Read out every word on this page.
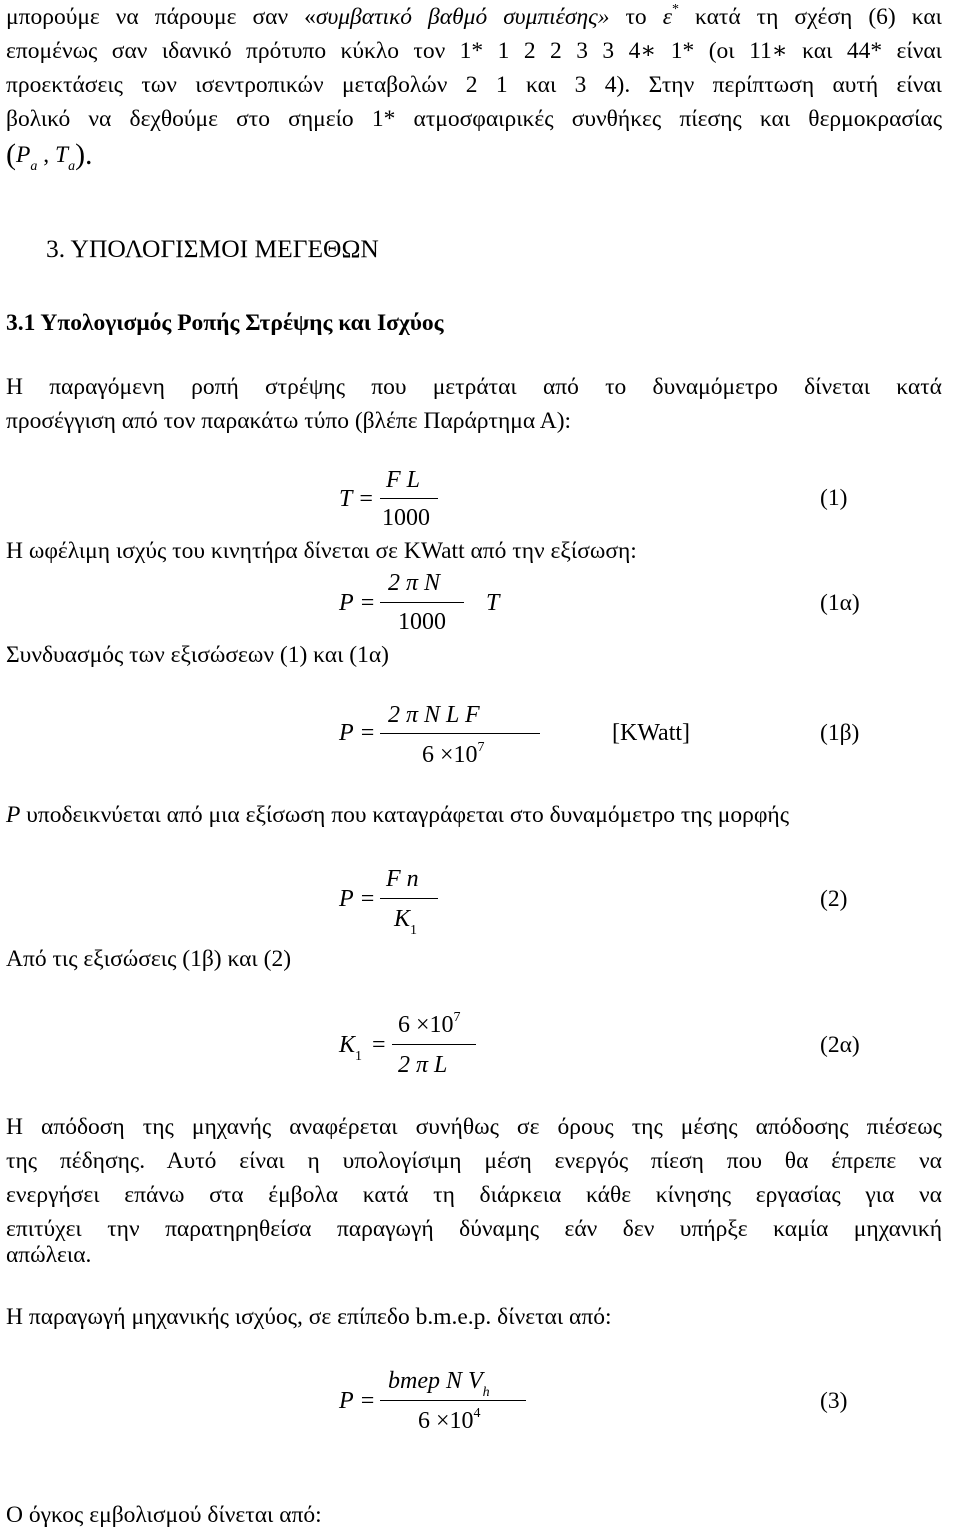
μπορούμε να πάρουμε σαν «συμβατικό βαθμό συμπιέσης» το ε* κατά τη σχέση (6) και
επομένως σαν ιδανικό πρότυπο κύκλο τον 1* 1 2 2 3 3 4∗ 1* (οι 11∗ και 44* είναι
προεκτάσεις των ισεντροπικών μεταβολών 2 1 και 3 4). Στην περίπτωση αυτή είναι
βολικό να δεχθούμε στο σημείο 1* ατμοσφαιρικές συνθήκες πίεσης και θερμοκρασίας
($P_a$ , $T_a$).
3. ΥΠΟΛΟΓΙΣΜΟΙ ΜΕΓΕΘΩΝ
3.1 Υπολογισμός Ροπής Στρέψης και Ισχύος
Η παραγόμενη ροπή στρέψης που μετράται από το δυναμόμετρο δίνεται κατά
προσέγγιση από τον παρακάτω τύπο (βλέπε Παράρτημα Α):
T =
F L
1000
(1)
Η ωφέλιμη ισχύς του κινητήρα δίνεται σε KWatt από την εξίσωση:
P =
2 π N
1000
T	(1α)
Συνδυασμός των εξισώσεων (1) και (1α)
P =
2 π N L F
$6 \times 10^7$
[KWatt]	(1β)
P υποδεικνύεται από μια εξίσωση που καταγράφεται στο δυναμόμετρο της μορφής
P =
F n
$K_1$
(2)
Από τις εξισώσεις (1β) και (2)
$K_1$ =
$6 \times 10^7$
2 π L
(2α)
Η απόδοση της μηχανής αναφέρεται συνήθως σε όρους της μέσης απόδοσης πιέσεως
της πέδησης. Αυτό είναι η υπολογίσιμη μέση ενεργός πίεση που θα έπρεπε να
ενεργήσει επάνω στα έμβολα κατά τη διάρκεια κάθε κίνησης εργασίας για να
επιτύχει την παρατηρηθείσα παραγωγή δύναμης εάν δεν υπήρξε καμία μηχανική
απώλεια.
Η παραγωγή μηχανικής ισχύος, σε επίπεδο b.m.e.p. δίνεται από:
P =
bmep N $V_h$
$6 \times 10^4$	(3)
Ο όγκος εμβολισμού δίνεται από:
